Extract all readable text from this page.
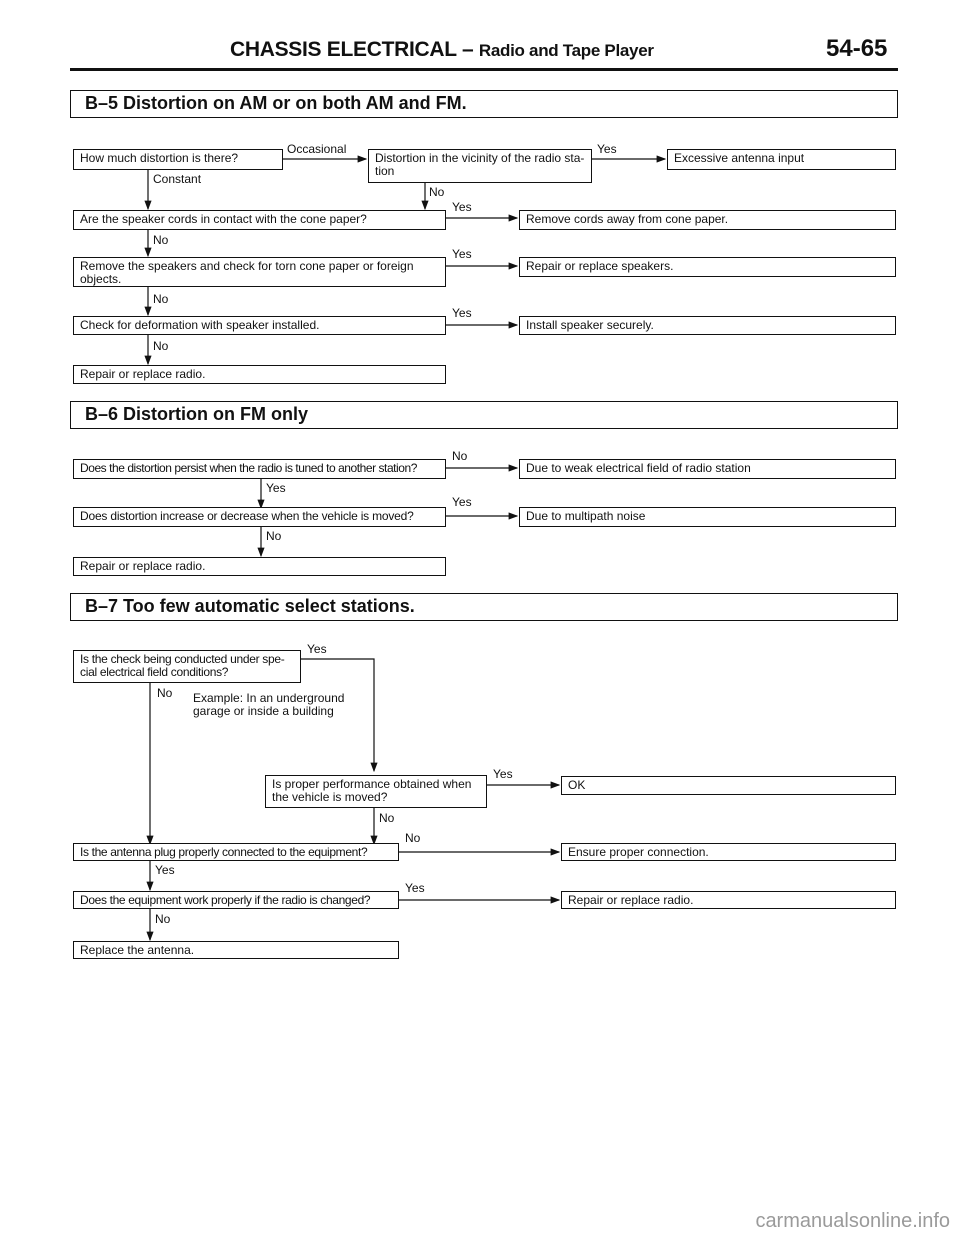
CHASSIS ELECTRICAL – Radio and Tape Player	54-65
B–5 Distortion on AM or on both AM and FM.
How much distortion is there?
Occasional
Constant
Distortion in the vicinity of the radio sta-tion
Yes
Excessive antenna input
No
Are the speaker cords in contact with the cone paper?
Yes
Remove cords away from cone paper.
No
Remove the speakers and check for torn cone paper or foreign objects.
Yes
Repair or replace speakers.
No
Check for deformation with speaker installed.
Yes
Install speaker securely.
No
Repair or replace radio.
B–6 Distortion on FM only
Does the distortion persist when the radio is tuned to another station?
No
Due to weak electrical field of radio station
Yes
Does distortion increase or decrease when the vehicle is moved?
Yes
Due to multipath noise
No
Repair or replace radio.
B–7 Too few automatic select stations.
Is the check being conducted under spe-cial electrical field conditions?
Yes
No Example: In an underground garage or inside a building
Is proper performance obtained when the vehicle is moved?
Yes
OK
No
Is the antenna plug properly connected to the equipment?
No
Ensure proper connection.
Yes
Does the equipment work properly if the radio is changed?
Yes
Repair or replace radio.
No
Replace the antenna.
carmanualsonline.info
